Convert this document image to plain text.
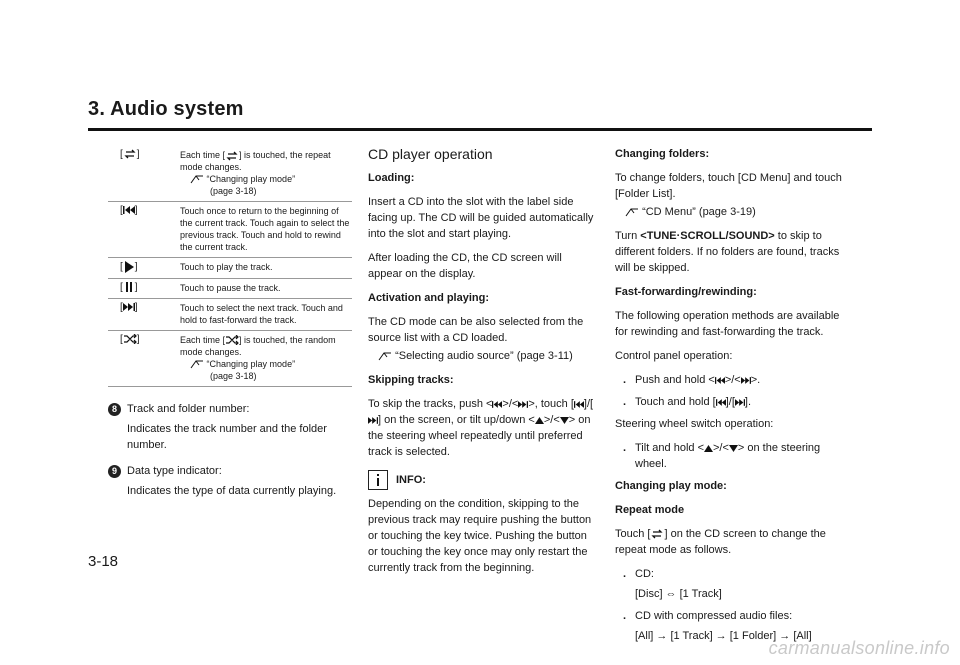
3. Audio system
[ ]	Each time [ ] is touched, the repeat mode changes.
“Changing play mode”
(page 3-18)

[ ]	Touch once to return to the beginning of the current track. Touch again to select the previous track. Touch and hold to rewind the current track.
[ ]	Touch to play the track.
[ ]	Touch to pause the track.
[ ]	Touch to select the next track. Touch and hold to fast-forward the track.
[ ]	Each time [ ] is touched, the random mode changes.
“Changing play mode”
(page 3-18)
8 Track and folder number:
Indicates the track number and the folder number.
9 Data type indicator:
Indicates the type of data currently playing.
CD player operation

Loading:

Insert a CD into the slot with the label side facing up. The CD will be guided automatically into the slot and start playing.

After loading the CD, the CD screen will appear on the display.

Activation and playing:

The CD mode can be also selected from the source list with a CD loaded.

“Selecting audio source” (page 3-11)

Skipping tracks:

To skip the tracks, push < >/< >, touch [ ]/[] on the screen, or tilt up/down < >/< > on the steering wheel repeatedly until preferred track is selected.

INFO:

Depending on the condition, skipping to the previous track may require pushing the button or touching the key twice. Pushing the button or touching the key once may only restart the currently track from the beginning.

Changing folders:

To change folders, touch [CD Menu] and touch [Folder List].

“CD Menu” (page 3-19)

Turn <TUNE·SCROLL/SOUND> to skip to different folders. If no folders are found, tracks will be skipped.

Fast-forwarding/rewinding:

The following operation methods are available for rewinding and fast-forwarding the track.

Control panel operation:

. Push and hold < >/< >.
. Touch and hold [ ]/[ ].

Steering wheel switch operation:

. Tilt and hold < >/< > on the steering wheel.

Changing play mode:

Repeat mode

Touch [ ] on the CD screen to change the repeat mode as follows.

. CD:
[Disc] ⇔ [1 Track]
. CD with compressed audio files:
[All] → [1 Track] → [1 Folder] → [All]
3-18
carmanualsonline.info
